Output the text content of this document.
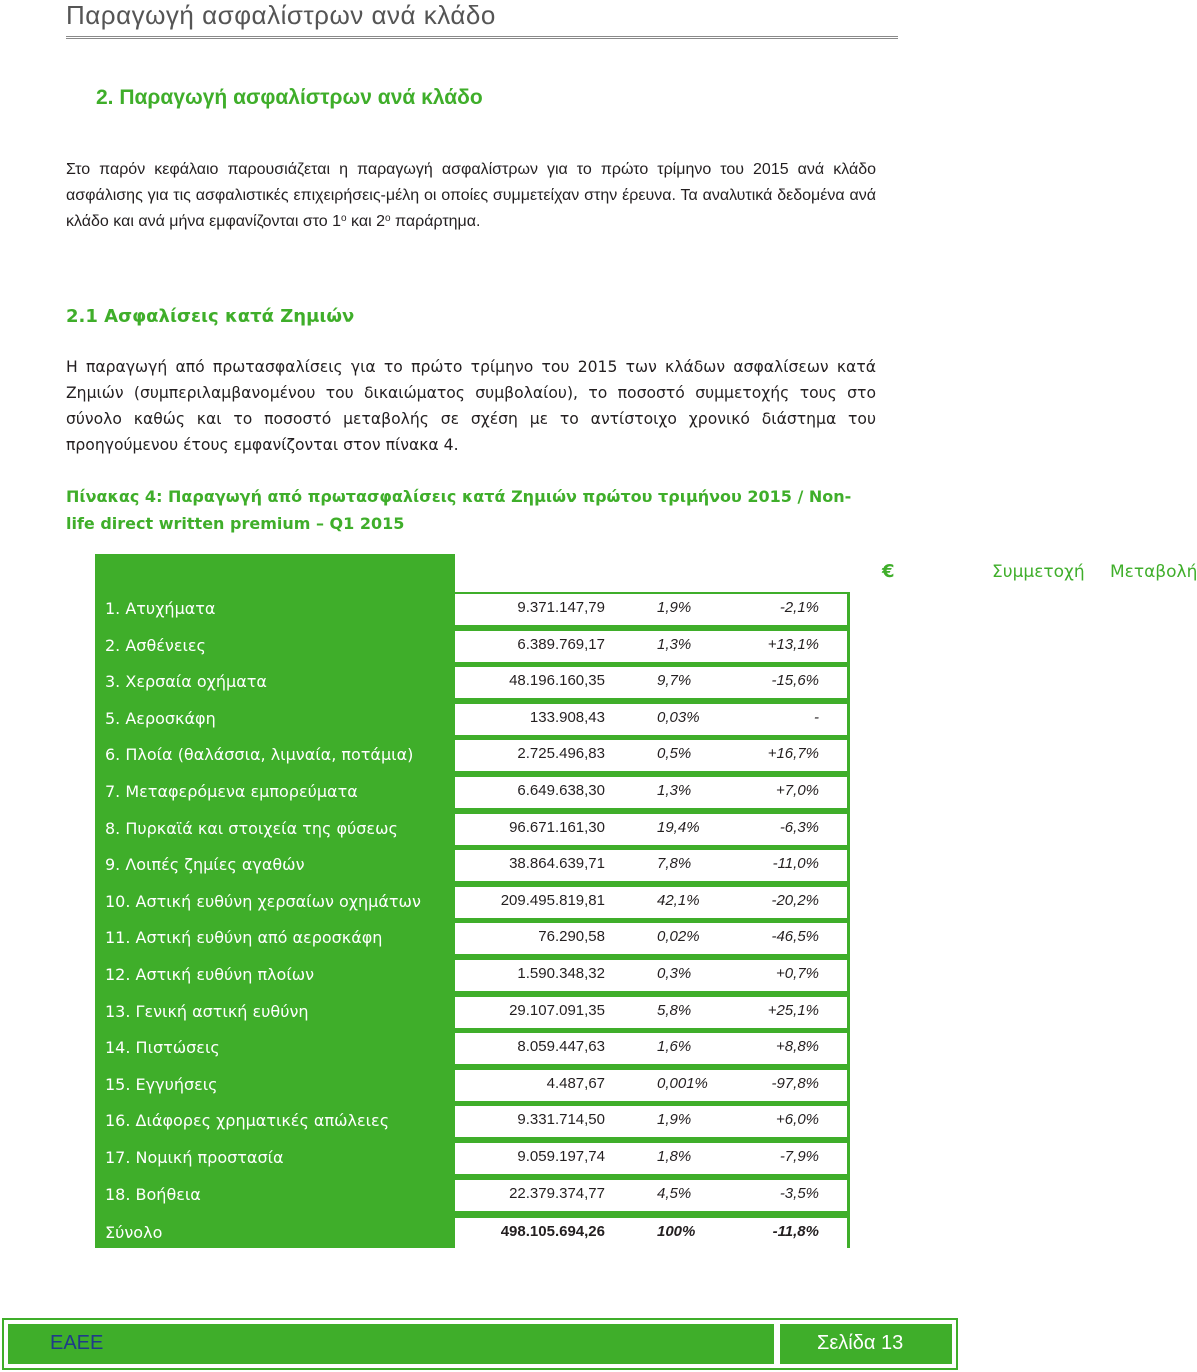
Παραγωγή ασφαλίστρων ανά κλάδο
2. Παραγωγή ασφαλίστρων ανά κλάδο
Στο παρόν κεφάλαιο παρουσιάζεται η παραγωγή ασφαλίστρων για το πρώτο τρίμηνο του 2015 ανά κλάδο ασφάλισης για τις ασφαλιστικές επιχειρήσεις-μέλη οι οποίες συμμετείχαν στην έρευνα. Τα αναλυτικά δεδομένα ανά κλάδο και ανά μήνα εμφανίζονται στο $1^o$ και $2^o$ παράρτημα.
2.1 Ασφαλίσεις κατά Ζημιών
Η παραγωγή από πρωτασφαλίσεις για το πρώτο τρίμηνο του 2015 των κλάδων ασφαλίσεων κατά Ζημιών (συμπεριλαμβανομένου του δικαιώματος συμβολαίου), το ποσοστό συμμετοχής τους στο σύνολο καθώς και το ποσοστό μεταβολής σε σχέση με το αντίστοιχο χρονικό διάστημα του προηγούμενου έτους εμφανίζονται στον πίνακα 4.
Πίνακας 4: Παραγωγή από πρωτασφαλίσεις κατά Ζημιών πρώτου τριμήνου 2015 / Non-life direct written premium – Q1 2015
€	Συμμετοχή Μεταβολή
1. Ατυχήματα	9.371.147,79	1,9%	-2,1%
2. Ασθένειες	6.389.769,17	1,3%	+13,1%
3. Χερσαία οχήματα	48.196.160,35	9,7%	-15,6%
5. Αεροσκάφη	133.908,43	0,03%	-
6. Πλοία (θαλάσσια, λιμναία, ποτάμια)	2.725.496,83	0,5%	+16,7%
7. Μεταφερόμενα εμπορεύματα	6.649.638,30	1,3%	+7,0%
8. Πυρκαϊά και στοιχεία της φύσεως	96.671.161,30	19,4%	-6,3%
9. Λοιπές ζημίες αγαθών	38.864.639,71	7,8%	-11,0%
10. Αστική ευθύνη χερσαίων οχημάτων	209.495.819,81	42,1%	-20,2%
11. Αστική ευθύνη από αεροσκάφη	76.290,58	0,02%	-46,5%
12. Αστική ευθύνη πλοίων	1.590.348,32	0,3%	+0,7%
13. Γενική αστική ευθύνη	29.107.091,35	5,8%	+25,1%
14. Πιστώσεις	8.059.447,63	1,6%	+8,8%
15. Εγγυήσεις	4.487,67	0,001%	-97,8%
16. Διάφορες χρηματικές απώλειες	9.331.714,50	1,9%	+6,0%
17. Νομική προστασία	9.059.197,74	1,8%	-7,9%
18. Βοήθεια	22.379.374,77	4,5%	-3,5%
Σύνολο	498.105.694,26	100%	-11,8%
ΕΑΕΕ	Σελίδα 13
